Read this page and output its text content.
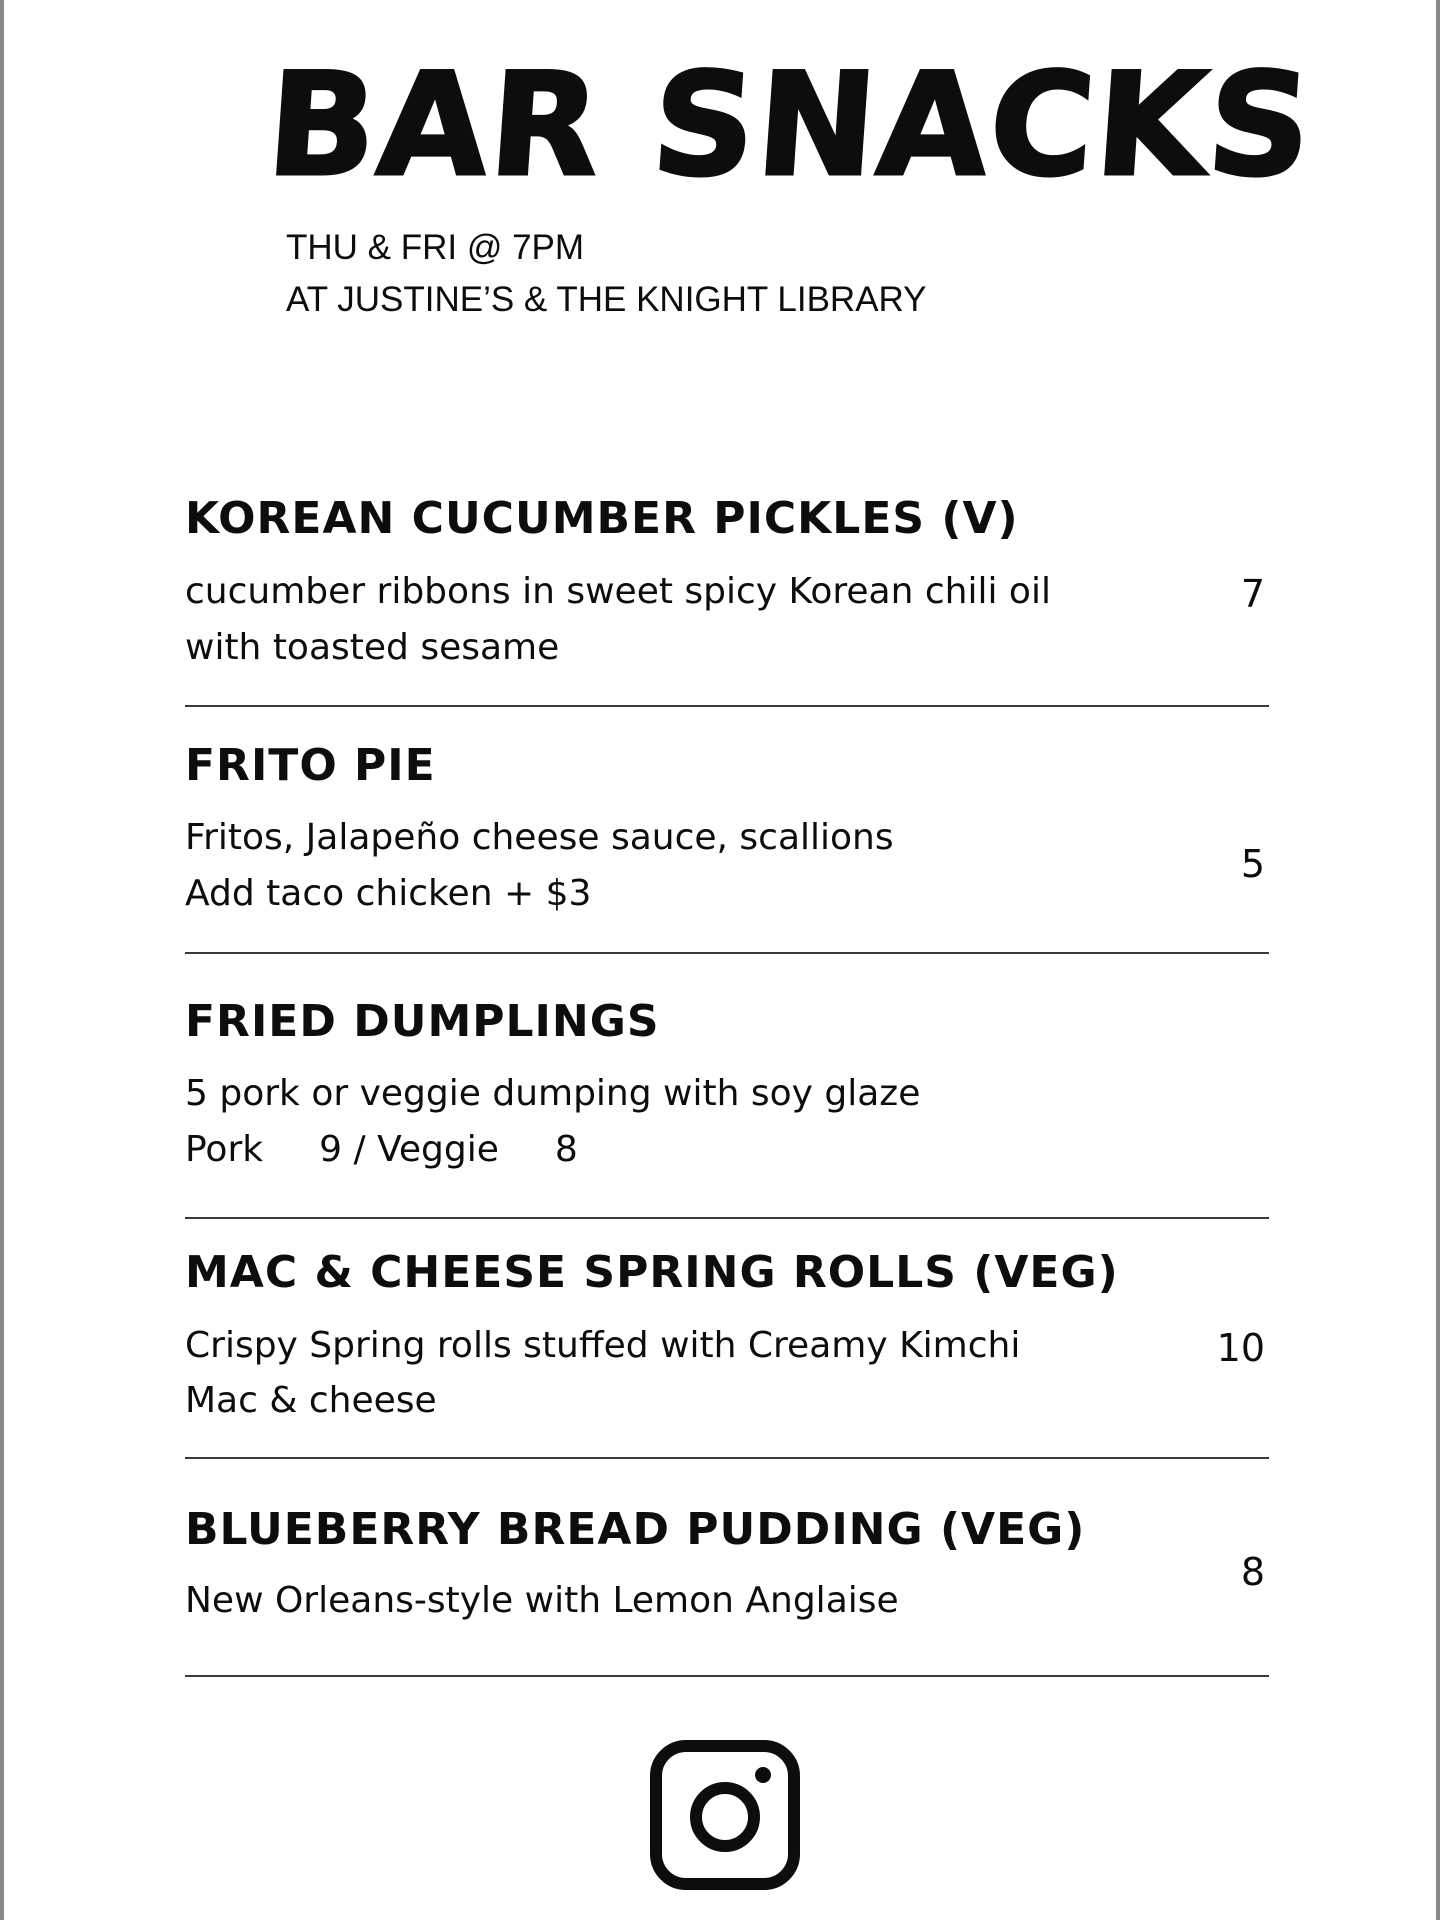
BAR SNACKS
THU & FRI @ 7PM
AT JUSTINE’S & THE KNIGHT LIBRARY
KOREAN CUCUMBER PICKLES (V)
cucumber ribbons in sweet spicy Korean chili oil
with toasted sesame
7
FRITO PIE
Fritos, Jalapeño cheese sauce, scallions
Add taco chicken + $3
5
FRIED DUMPLINGS
5 pork or veggie dumping with soy glaze
Pork 9 / Veggie 8
MAC & CHEESE SPRING ROLLS (VEG)
Crispy Spring rolls stuffed with Creamy Kimchi
Mac & cheese
10
BLUEBERRY BREAD PUDDING (VEG)
New Orleans-style with Lemon Anglaise
8
